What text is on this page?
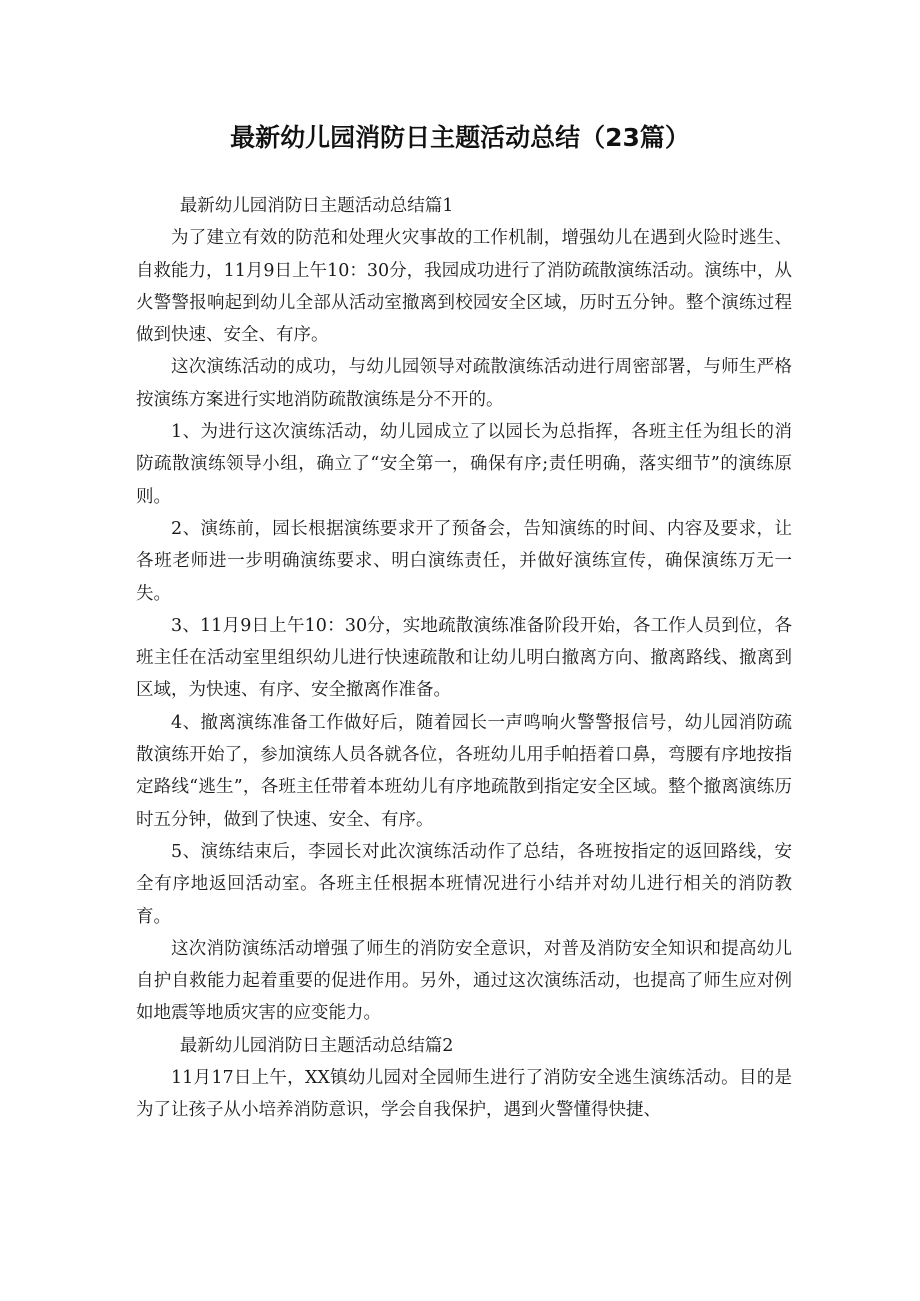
最新幼儿园消防日主题活动总结（23篇）

最新幼儿园消防日主题活动总结篇1

为了建立有效的防范和处理火灾事故的工作机制，增强幼儿在遇到火险时逃生、自救能力，11月9日上午10：30分，我园成功进行了消防疏散演练活动。演练中，从火警警报响起到幼儿全部从活动室撤离到校园安全区域，历时五分钟。整个演练过程做到快速、安全、有序。

这次演练活动的成功，与幼儿园领导对疏散演练活动进行周密部署，与师生严格按演练方案进行实地消防疏散演练是分不开的。

1、为进行这次演练活动，幼儿园成立了以园长为总指挥，各班主任为组长的消防疏散演练领导小组，确立了“安全第一，确保有序;责任明确，落实细节”的演练原则。

2、演练前，园长根据演练要求开了预备会，告知演练的时间、内容及要求，让各班老师进一步明确演练要求、明白演练责任，并做好演练宣传，确保演练万无一失。

3、11月9日上午10：30分，实地疏散演练准备阶段开始，各工作人员到位，各班主任在活动室里组织幼儿进行快速疏散和让幼儿明白撤离方向、撤离路线、撤离到区域，为快速、有序、安全撤离作准备。

4、撤离演练准备工作做好后，随着园长一声鸣响火警警报信号，幼儿园消防疏散演练开始了，参加演练人员各就各位，各班幼儿用手帕捂着口鼻，弯腰有序地按指定路线“逃生”，各班主任带着本班幼儿有序地疏散到指定安全区域。整个撤离演练历时五分钟，做到了快速、安全、有序。

5、演练结束后，李园长对此次演练活动作了总结，各班按指定的返回路线，安全有序地返回活动室。各班主任根据本班情况进行小结并对幼儿进行相关的消防教育。

这次消防演练活动增强了师生的消防安全意识，对普及消防安全知识和提高幼儿自护自救能力起着重要的促进作用。另外，通过这次演练活动，也提高了师生应对例如地震等地质灾害的应变能力。

最新幼儿园消防日主题活动总结篇2

11月17日上午，XX镇幼儿园对全园师生进行了消防安全逃生演练活动。目的是为了让孩子从小培养消防意识，学会自我保护，遇到火警懂得快捷、
